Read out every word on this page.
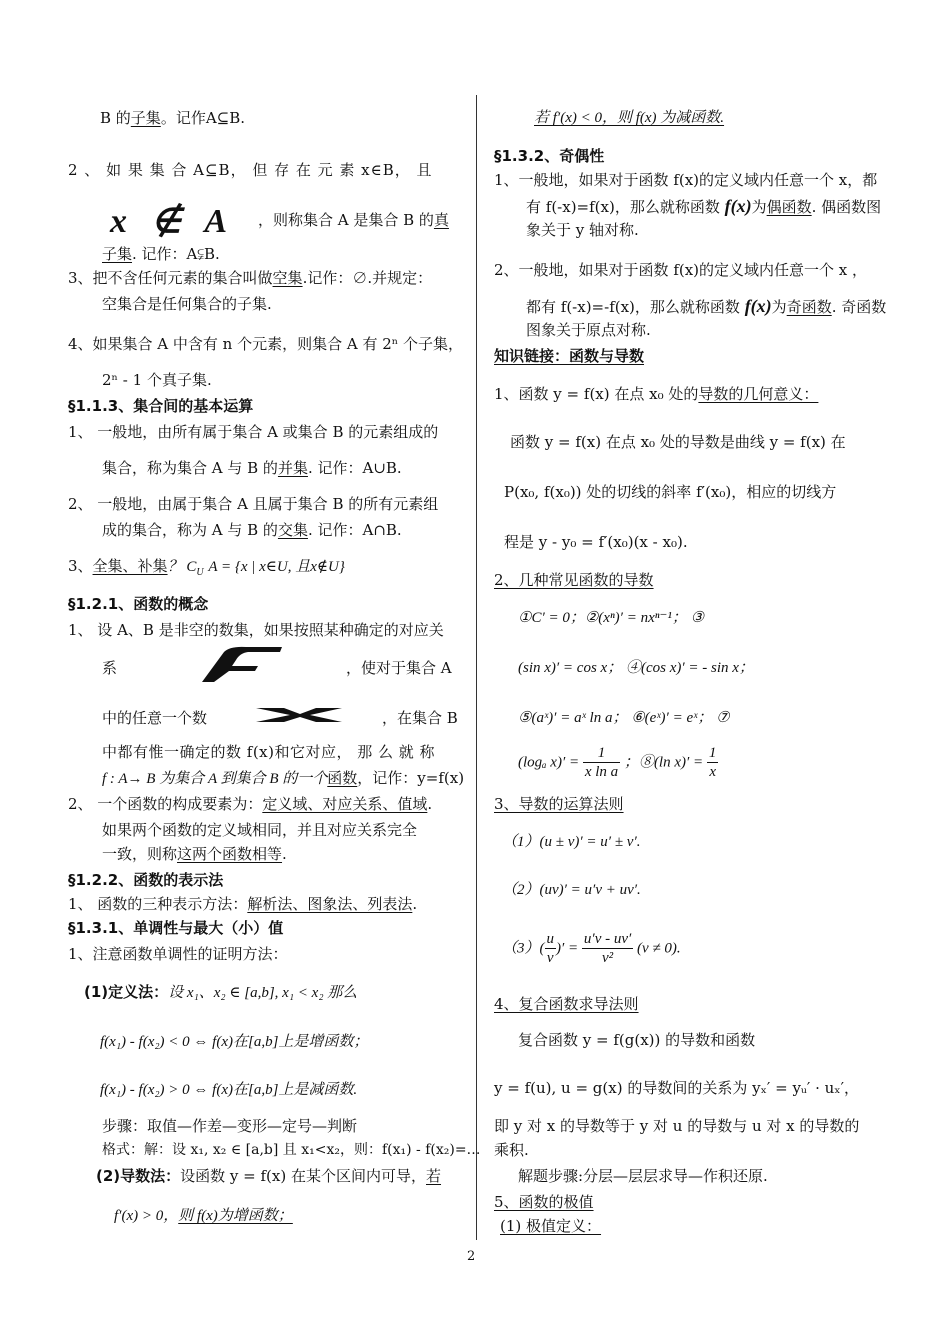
B 的子集。记作A⊆B.
2 、 如 果 集 合 A⊆B， 但 存 在 元 素 x∈B， 且
x ∉ A ，则称集合 A 是集合 B 的真
子集. 记作：A⫋B.
3、把不含任何元素的集合叫做空集.记作：∅.并规定：
空集合是任何集合的子集.
4、如果集合 A 中含有 n 个元素，则集合 A 有 2ⁿ 个子集，
2ⁿ - 1 个真子集.
§1.1.3、集合间的基本运算
1、 一般地，由所有属于集合 A 或集合 B 的元素组成的
集合，称为集合 A 与 B 的并集. 记作：A∪B.
2、 一般地，由属于集合 A 且属于集合 B 的所有元素组
成的集合，称为 A 与 B 的交集. 记作：A∩B.
3、全集、补集？ $C_U$ A = {x | x∈U, 且x∉U}
§1.2.1、函数的概念
1、 设 A、B 是非空的数集，如果按照某种确定的对应关
系	，使对于集合 A
中的任意一个数	，在集合 B
中都有惟一确定的数 f(x)和它对应， 那 么 就 称
f : A→ B 为集合 A 到集合 B 的一个函数，记作：y=f(x)
2、 一个函数的构成要素为：定义域、对应关系、值域.
如果两个函数的定义域相同，并且对应关系完全
一致，则称这两个函数相等.
§1.2.2、函数的表示法
1、 函数的三种表示方法：解析法、图象法、列表法.
§1.3.1、单调性与最大（小）值
1、注意函数单调性的证明方法：
(1)定义法：设 x₁、x₂ ∈ [a,b], x₁ < x₂ 那么
f(x₁) - f(x₂) < 0 ⇔ f(x)在[a,b]上是增函数；
f(x₁) - f(x₂) > 0 ⇔ f(x)在[a,b]上是减函数.
步骤：取值—作差—变形—定号—判断
格式：解：设 x₁, x₂ ∈ [a,b] 且 x₁<x₂，则：f(x₁) - f(x₂)=…
(2)导数法：设函数 y = f(x) 在某个区间内可导，若
f′(x) > 0，则 f(x)为增函数；
若 f′(x) < 0，则 f(x) 为减函数.
§1.3.2、奇偶性
1、一般地，如果对于函数 f(x)的定义域内任意一个 x，都
有 f(-x)=f(x)，那么就称函数 f(x)为偶函数. 偶函数图
象关于 y 轴对称.
2、一般地，如果对于函数 f(x)的定义域内任意一个 x ，
都有 f(-x)=-f(x)，那么就称函数 f(x)为奇函数. 奇函数
图象关于原点对称.
知识链接：函数与导数
1、函数 y = f(x) 在点 x₀ 处的导数的几何意义：
函数 y = f(x) 在点 x₀ 处的导数是曲线 y = f(x) 在
P(x₀, f(x₀)) 处的切线的斜率 f′(x₀)，相应的切线方
程是 y - y₀ = f′(x₀)(x - x₀).
2、几种常见函数的导数
①C′ = 0；②(xⁿ)′ = nxⁿ⁻¹； ③
(sin x)′ = cos x； ④(cos x)′ = - sin x；
⑤(aˣ)′ = aˣ ln a； ⑥(eˣ)′ = eˣ； ⑦
(logₐ $x)' = \frac{1}{\text{x ln a}}$ ；⑧(ln $x)' = \frac{1}{x}$
3、导数的运算法则
（1）(u ± v)′ = u′ ± v′.
（2）(uv)′ = u′v + uv′.
$(3)( \frac{u}{v}$ )′ = $\frac{u'v - uv'}{\text{v²}} (v \ne 0)$.
4、复合函数求导法则
复合函数 y = f(g(x)) 的导数和函数
y = f(u), u = g(x) 的导数间的关系为 yₓ′ = yᵤ′ · uₓ′，
即 y 对 x 的导数等于 y 对 u 的导数与 u 对 x 的导数的
乘积.
解题步骤:分层—层层求导—作积还原.
5、函数的极值
(1) 极值定义：
2
